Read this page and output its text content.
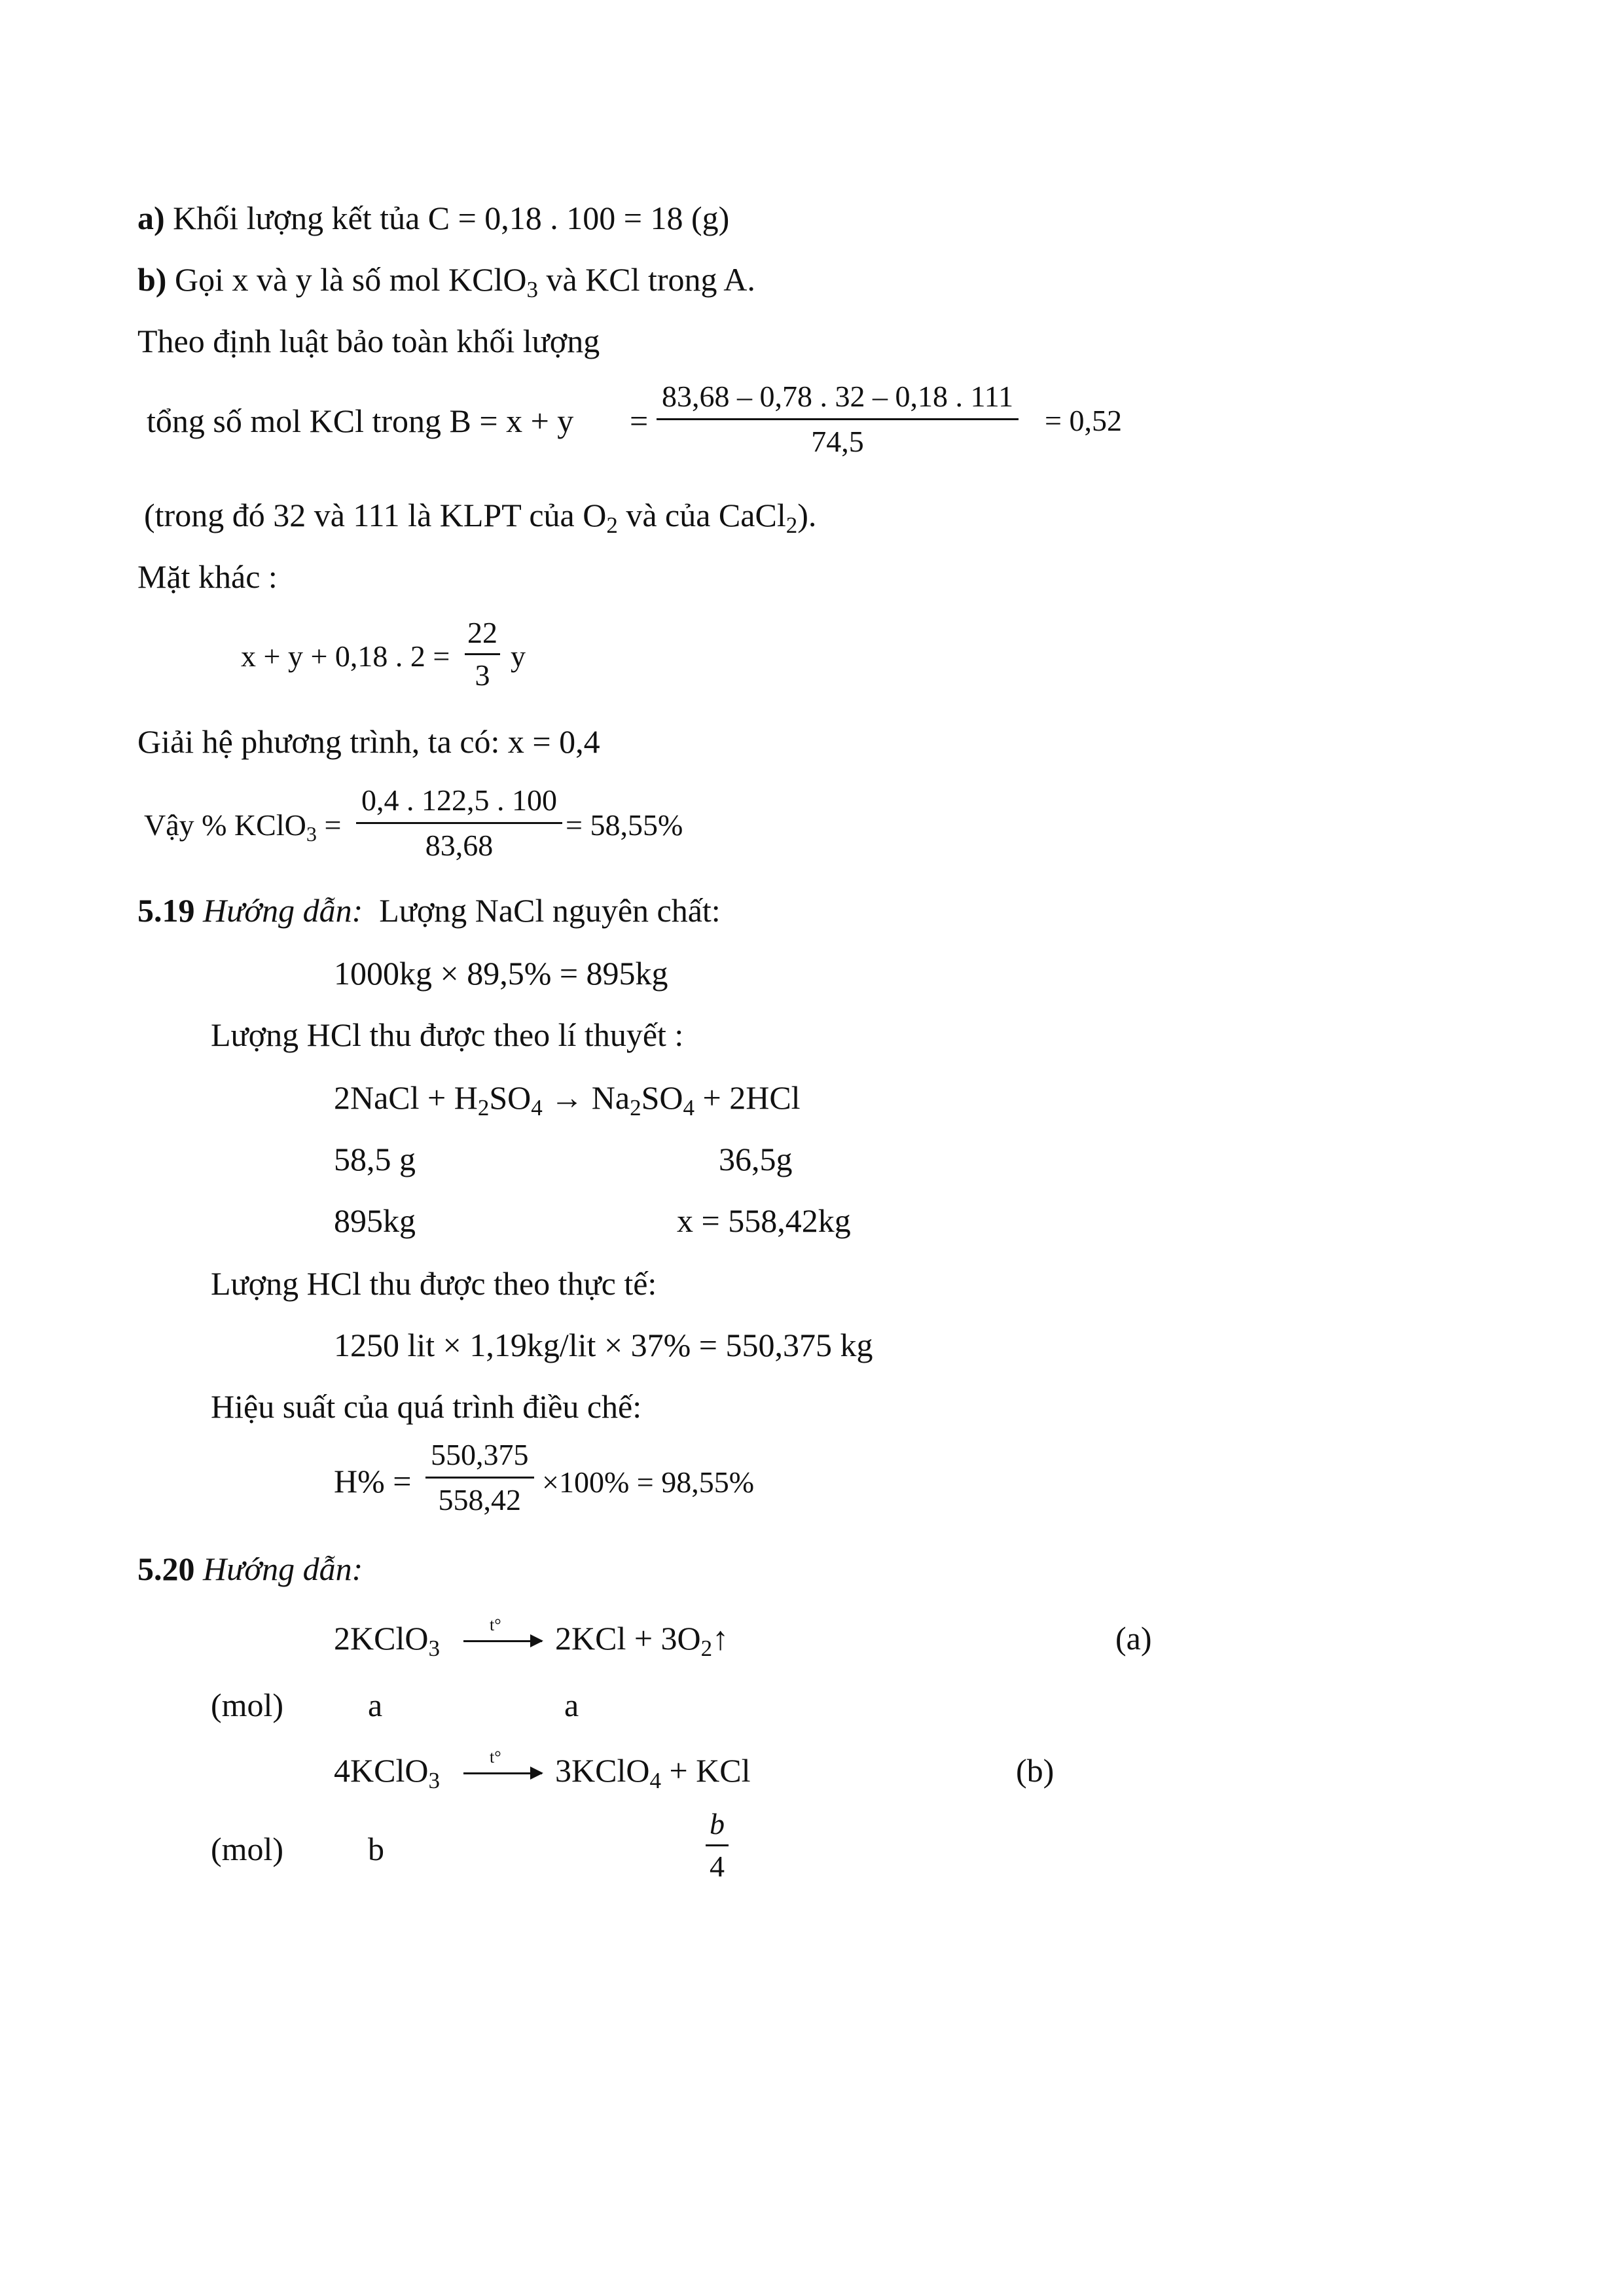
a) Khối lượng kết tủa C = 0,18 . 100 = 18 (g)
b) Gọi x và y là số mol KClO$_3$ và KCl trong A.
Theo định luật bảo toàn khối lượng
tổng số mol KCl trong $B = x + y = \frac{83,68 - 0,78 . 32 - 0,18 . 111}{74,5} = 0,52$
(trong đó 32 và 111 là KLPT của $O_2$ và của CaCl$_2$).
Mặt khác :
x + y + 0,18 . $2 = \frac{22}{3}$ y
Giải hệ phương trình, ta có: x = 0,4
Vậy % KClO$_3$ = $\frac{0,4 . 122,5 . 100}{83,68} = 58,55\%$
5.19 Hướng dẫn: Lượng NaCl nguyên chất:
1000kg × 89,5% = 895kg
Lượng HCl thu được theo lí thuyết :
2NaCl + $H_2SO_4 \to Na_2SO_4 + 2HCl$
58,5 g	36,5g
895kg	x = 558,42kg
Lượng HCl thu được theo thực tế:
1250 lit × 1,19kg/lit × 37% = 550,375 kg
Hiệu suất của quá trình điều chế:
$H\% = \frac{550,375}{558,42} \times 100\% = 98,55\%$
5.20 Hướng dẫn:
2KClO$_3$
t° $2KCl + 3O_2↑$	(a)
(mol)	a	a
4KClO$_3$
t° 3KClO$_4$ + KCl	(b)
(mol)	b	$\frac{b}{4}$
